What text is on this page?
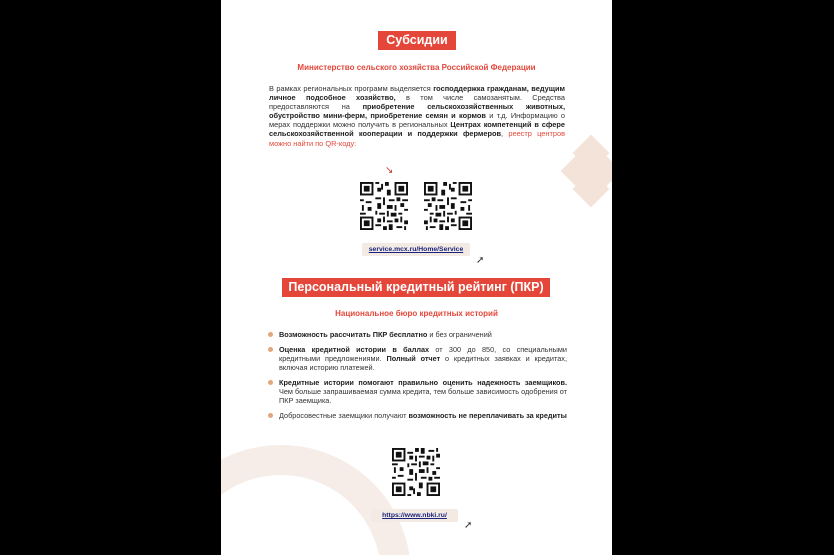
Субсидии
Министерство сельского хозяйства Российской Федерации
В рамках региональных программ выделяется господдержка гражданам, ведущим личное подсобное хозяйство, в том числе самозанятым. Средства предоставляются на приобретение сельскохозяйственных животных, обустройство мини-ферм, приобретение семян и кормов и т.д. Информацию о мерах поддержки можно получить в региональных Центрах компетенций в сфере сельскохозяйственной кооперации и поддержки фермеров, реестр центров можно найти по QR-коду:
↘
service.mcx.ru/Home/Service
➚
Персональный кредитный рейтинг (ПКР)
Национальное бюро кредитных историй
Возможность рассчитать ПКР бесплатно и без ограничений
Оценка кредитной истории в баллах от 300 до 850, со специальными кредитными предложениями. Полный отчет о кредитных заявках и кредитах, включая историю платежей.
Кредитные истории помогают правильно оценить надежность заемщиков. Чем больше запрашиваемая сумма кредита, тем больше зависимость одобрения от ПКР заемщика.
Добросовестные заемщики получают возможность не переплачивать за кредиты
https://www.nbki.ru/
➚
